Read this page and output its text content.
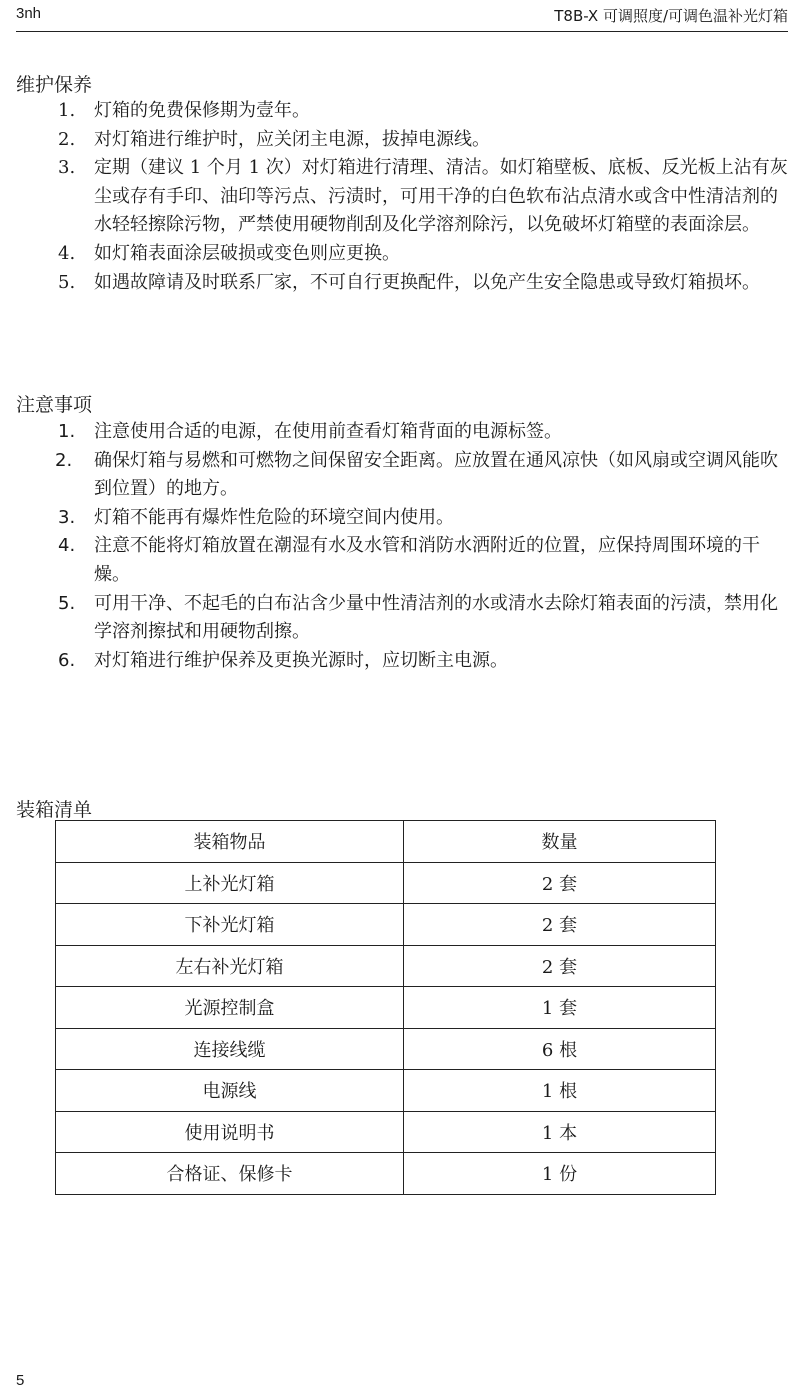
3nh	T8B-X 可调照度/可调色温补光灯箱
维护保养
1. 灯箱的免费保修期为壹年。
2. 对灯箱进行维护时，应关闭主电源，拔掉电源线。
3. 定期（建议 1 个月 1 次）对灯箱进行清理、清洁。如灯箱壁板、底板、反光板上沾有灰尘或存有手印、油印等污点、污渍时，可用干净的白色软布沾点清水或含中性清洁剂的水轻轻擦除污物，严禁使用硬物削刮及化学溶剂除污，以免破坏灯箱壁的表面涂层。
4. 如灯箱表面涂层破损或变色则应更换。
5. 如遇故障请及时联系厂家，不可自行更换配件，以免产生安全隐患或导致灯箱损坏。
注意事项
1. 注意使用合适的电源，在使用前查看灯箱背面的电源标签。
2. 确保灯箱与易燃和可燃物之间保留安全距离。应放置在通风凉快（如风扇或空调风能吹到位置）的地方。
3. 灯箱不能再有爆炸性危险的环境空间内使用。
4. 注意不能将灯箱放置在潮湿有水及水管和消防水洒附近的位置，应保持周围环境的干燥。
5. 可用干净、不起毛的白布沾含少量中性清洁剂的水或清水去除灯箱表面的污渍，禁用化学溶剂擦拭和用硬物刮擦。
6. 对灯箱进行维护保养及更换光源时，应切断主电源。
装箱清单
装箱物品	数量
上补光灯箱	2 套
下补光灯箱	2 套
左右补光灯箱	2 套
光源控制盒	1 套
连接线缆	6 根
电源线	1 根
使用说明书	1 本
合格证、保修卡	1 份
5
